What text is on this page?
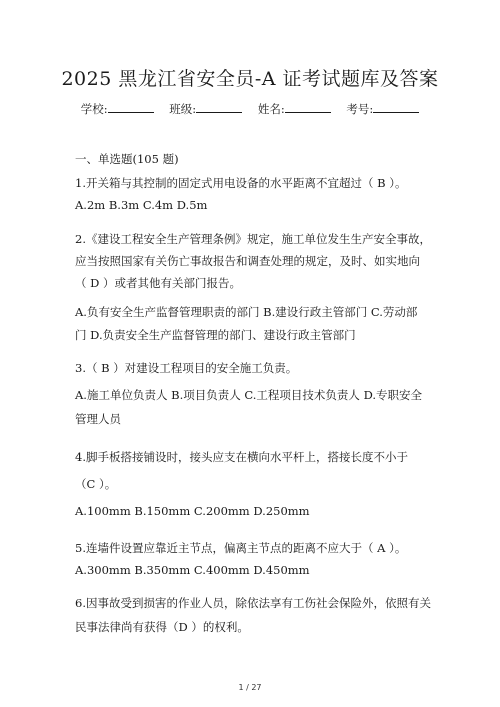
2025 黑龙江省安全员-A 证考试题库及答案
学校:	班级:	姓名:	考号:
一、单选题(105 题)
1.开关箱与其控制的固定式用电设备的水平距离不宜超过（ B ）。
A.2m B.3m C.4m D.5m
2.《建设工程安全生产管理条例》规定，施工单位发生生产安全事故，
应当按照国家有关伤亡事故报告和调查处理的规定，及时、如实地向
（ D ）或者其他有关部门报告。
A.负有安全生产监督管理职责的部门 B.建设行政主管部门 C.劳动部
门 D.负责安全生产监督管理的部门、建设行政主管部门
3.（ B ）对建设工程项目的安全施工负责。
A.施工单位负责人 B.项目负责人 C.工程项目技术负责人 D.专职安全
管理人员
4.脚手板搭接铺设时，接头应支在横向水平杆上，搭接长度不小于
（C ）。
A.100mm B.150mm C.200mm D.250mm
5.连墙件设置应靠近主节点，偏离主节点的距离不应大于（ A ）。
A.300mm B.350mm C.400mm D.450mm
6.因事故受到损害的作业人员，除依法享有工伤社会保险外，依照有关
民事法律尚有获得（D ）的权利。
1 / 27
